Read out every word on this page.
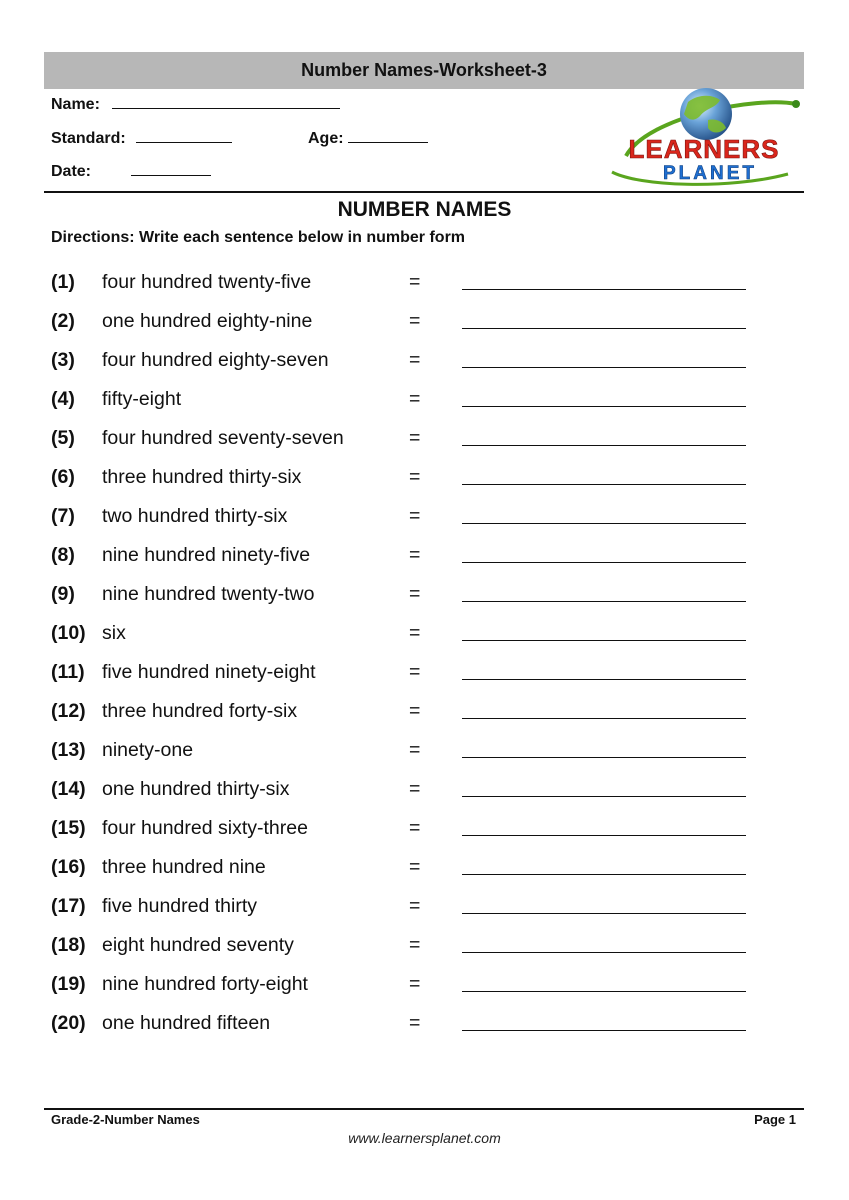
Number Names-Worksheet-3
Name:
Standard:	Age:
Date:
LEARNERS
PLANET
NUMBER NAMES
Directions: Write each sentence below in number form
(1) four hundred twenty-five	=
(2) one hundred eighty-nine	=
(3) four hundred eighty-seven	=
(4) fifty-eight	=
(5) four hundred seventy-seven	=
(6) three hundred thirty-six	=
(7) two hundred thirty-six	=
(8) nine hundred ninety-five	=
(9) nine hundred twenty-two	=
(10) six	=
(11) five hundred ninety-eight	=
(12) three hundred forty-six	=
(13) ninety-one	=
(14) one hundred thirty-six	=
(15) four hundred sixty-three	=
(16) three hundred nine	=
(17) five hundred thirty	=
(18) eight hundred seventy	=
(19) nine hundred forty-eight	=
(20) one hundred fifteen	=
Grade-2-Number Names	Page 1
www.learnersplanet.com
